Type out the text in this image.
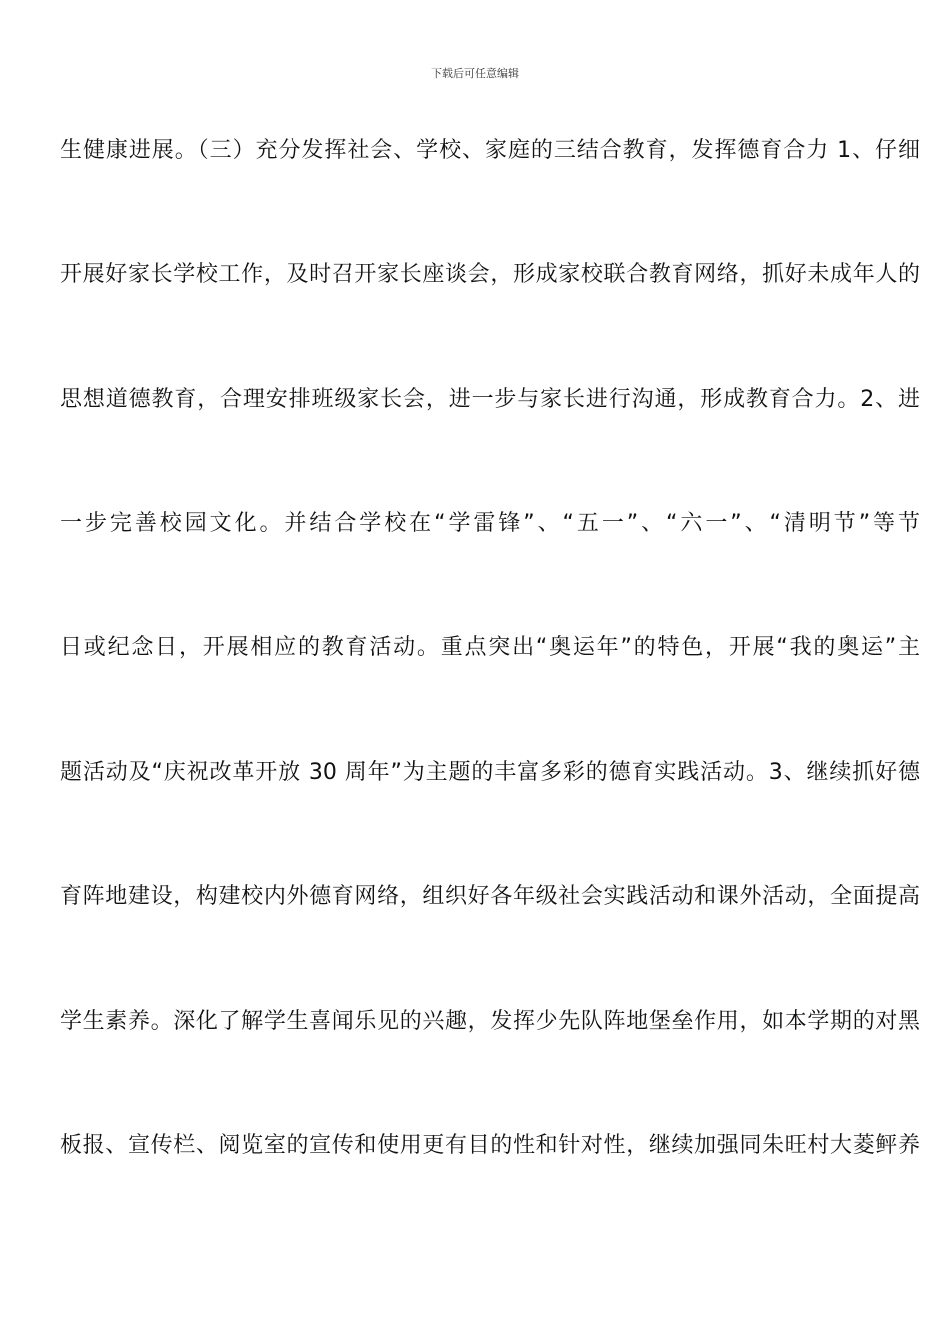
下载后可任意编辑
生健康进展。（三）充分发挥社会、学校、家庭的三结合教育，发挥德育合力 1、仔细
开展好家长学校工作，及时召开家长座谈会，形成家校联合教育网络，抓好未成年人的
思想道德教育，合理安排班级家长会，进一步与家长进行沟通，形成教育合力。2、进
一步完善校园文化。并结合学校在“学雷锋”、“五一”、“六一”、“清明节”等节
日或纪念日，开展相应的教育活动。重点突出“奥运年”的特色，开展“我的奥运”主
题活动及“庆祝改革开放 30 周年”为主题的丰富多彩的德育实践活动。3、继续抓好德
育阵地建设，构建校内外德育网络，组织好各年级社会实践活动和课外活动，全面提高
学生素养。深化了解学生喜闻乐见的兴趣，发挥少先队阵地堡垒作用，如本学期的对黑
板报、宣传栏、阅览室的宣传和使用更有目的性和针对性，继续加强同朱旺村大菱鲆养
